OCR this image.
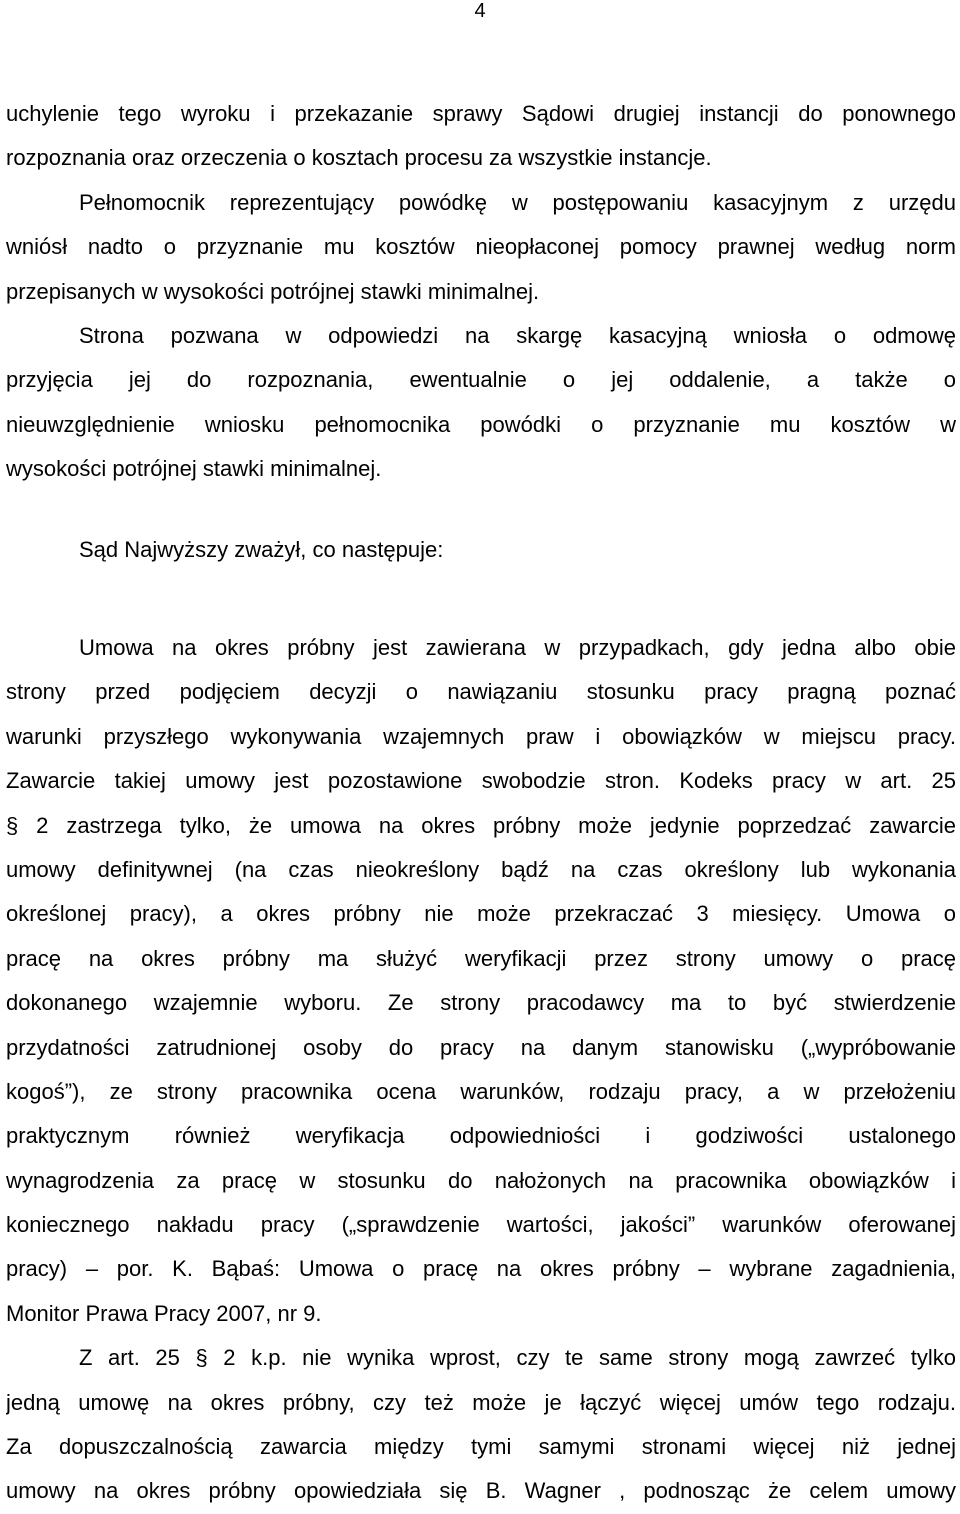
4
uchylenie tego wyroku i przekazanie sprawy Sądowi drugiej instancji do ponownego
rozpoznania oraz orzeczenia o kosztach procesu za wszystkie instancje.
Pełnomocnik reprezentujący powódkę w postępowaniu kasacyjnym z urzędu
wniósł nadto o przyznanie mu kosztów nieopłaconej pomocy prawnej według norm
przepisanych w wysokości potrójnej stawki minimalnej.
Strona pozwana w odpowiedzi na skargę kasacyjną wniosła o odmowę
przyjęcia jej do rozpoznania, ewentualnie o jej oddalenie, a także o
nieuwzględnienie wniosku pełnomocnika powódki o przyznanie mu kosztów w
wysokości potrójnej stawki minimalnej.
Sąd Najwyższy zważył, co następuje:
Umowa na okres próbny jest zawierana w przypadkach, gdy jedna albo obie
strony przed podjęciem decyzji o nawiązaniu stosunku pracy pragną poznać
warunki przyszłego wykonywania wzajemnych praw i obowiązków w miejscu pracy.
Zawarcie takiej umowy jest pozostawione swobodzie stron. Kodeks pracy w art. 25
§ 2 zastrzega tylko, że umowa na okres próbny może jedynie poprzedzać zawarcie
umowy definitywnej (na czas nieokreślony bądź na czas określony lub wykonania
określonej pracy), a okres próbny nie może przekraczać 3 miesięcy. Umowa o
pracę na okres próbny ma służyć weryfikacji przez strony umowy o pracę
dokonanego wzajemnie wyboru. Ze strony pracodawcy ma to być stwierdzenie
przydatności zatrudnionej osoby do pracy na danym stanowisku („wypróbowanie
kogoś”), ze strony pracownika ocena warunków, rodzaju pracy, a w przełożeniu
praktycznym również weryfikacja odpowiedniości i godziwości ustalonego
wynagrodzenia za pracę w stosunku do nałożonych na pracownika obowiązków i
koniecznego nakładu pracy („sprawdzenie wartości, jakości” warunków oferowanej
pracy) – por. K. Bąbaś: Umowa o pracę na okres próbny – wybrane zagadnienia,
Monitor Prawa Pracy 2007, nr 9.
Z art. 25 § 2 k.p. nie wynika wprost, czy te same strony mogą zawrzeć tylko
jedną umowę na okres próbny, czy też może je łączyć więcej umów tego rodzaju.
Za dopuszczalnością zawarcia między tymi samymi stronami więcej niż jednej
umowy na okres próbny opowiedziała się B. Wagner , podnosząc że celem umowy
